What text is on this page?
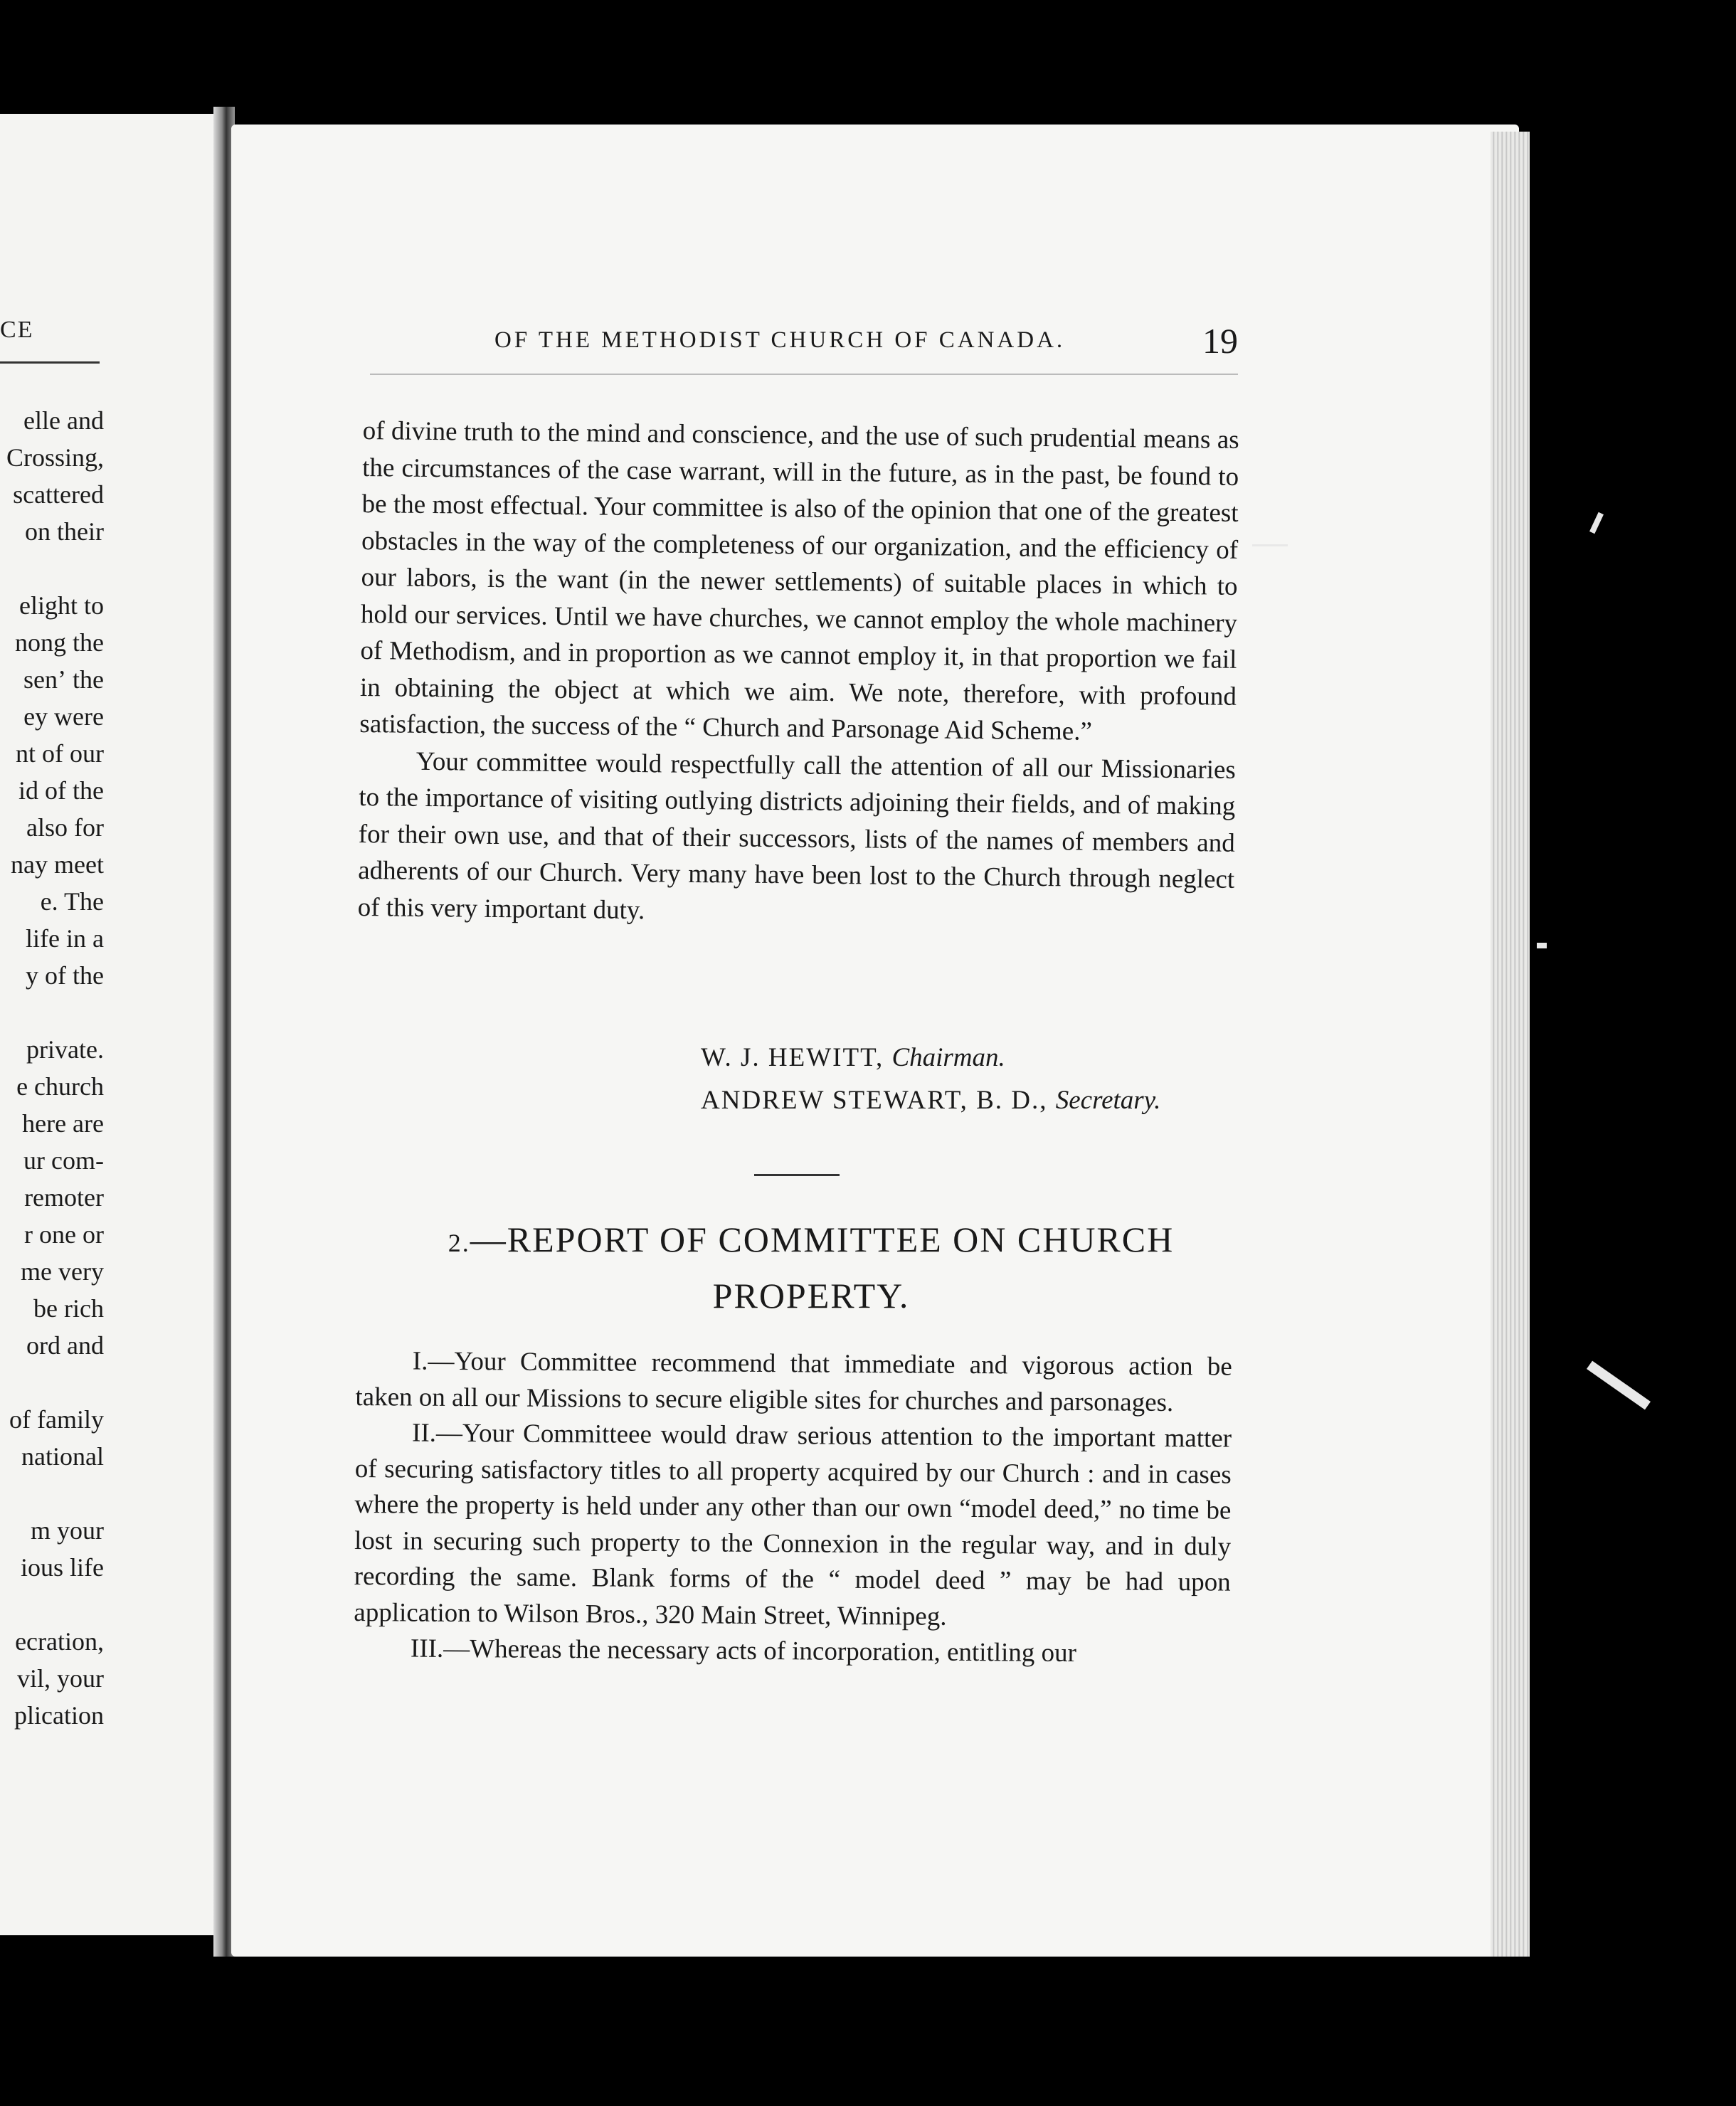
CE
elle and
Crossing,
scattered
on their
elight to
nong the
senʼ the
ey were
nt of our
id of the
also for
nay meet
e. The
life in a
y of the
private.
e church
here are
ur com-
remoter
r one or
me very
be rich
ord and
of family
national
m your
ious life
ecration,
vil, your
plication
OF THE METHODIST CHURCH OF CANADA.	19

of divine truth to the mind and conscience, and the use of such prudential means as the circumstances of the case warrant, will in the future, as in the past, be found to be the most effectual. Your committee is also of the opinion that one of the greatest obstacles in the way of the completeness of our organization, and the efficiency of our labors, is the want (in the newer settlements) of suitable places in which to hold our services. Until we have churches, we cannot employ the whole machinery of Methodism, and in proportion as we cannot employ it, in that proportion we fail in obtaining the object at which we aim. We note, therefore, with profound satisfaction, the success of the “ Church and Parsonage Aid Scheme.”

Your committee would respectfully call the attention of all our Missionaries to the importance of visiting outlying districts adjoining their fields, and of making for their own use, and that of their successors, lists of the names of members and adherents of our Church. Very many have been lost to the Church through neglect of this very important duty.

W. J. HEWITT, Chairman.
ANDREW STEWART, B. D., Secretary.
2.—REPORT OF COMMITTEE ON CHURCH
PROPERTY.

I.—Your Committee recommend that immediate and vigorous action be taken on all our Missions to secure eligible sites for churches and parsonages.

II.—Your Committeee would draw serious attention to the important matter of securing satisfactory titles to all property acquired by our Church : and in cases where the property is held under any other than our own “model deed,” no time be lost in securing such property to the Connexion in the regular way, and in duly recording the same. Blank forms of the “ model deed ” may be had upon application to Wilson Bros., 320 Main Street, Winnipeg.

III.—Whereas the necessary acts of incorporation, entitling our
